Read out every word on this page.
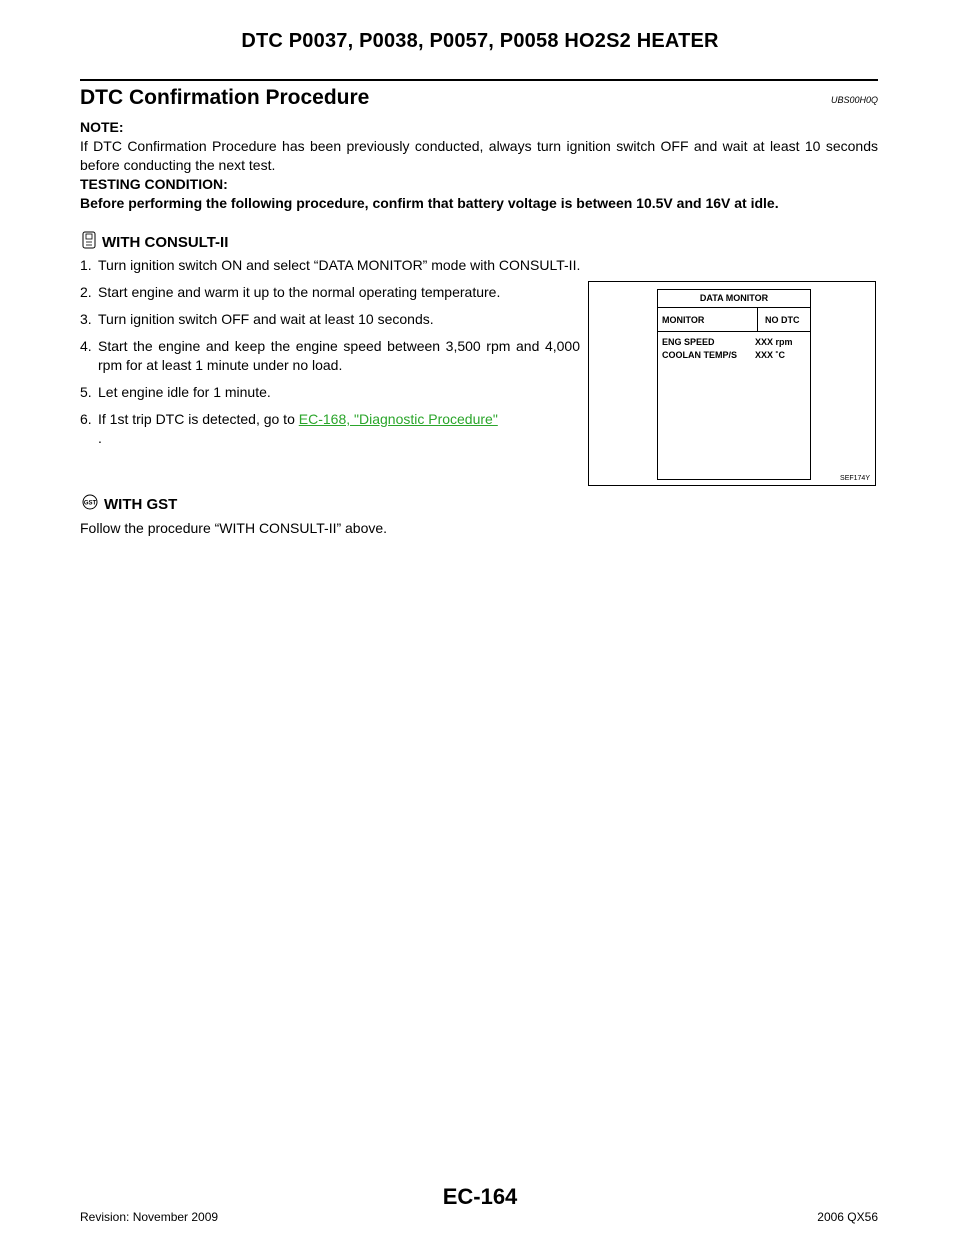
DTC P0037, P0038, P0057, P0058 HO2S2 HEATER
DTC Confirmation Procedure	UBS00H0Q

NOTE:

If DTC Confirmation Procedure has been previously conducted, always turn ignition switch OFF and wait at least 10 seconds before conducting the next test.

TESTING CONDITION:

Before performing the following procedure, confirm that battery voltage is between 10.5V and 16V at idle.

WITH CONSULT-II
1. Turn ignition switch ON and select “DATA MONITOR” mode with CONSULT-II.
2. Start engine and warm it up to the normal operating temperature.
3. Turn ignition switch OFF and wait at least 10 seconds.
4. Start the engine and keep the engine speed between 3,500 rpm and 4,000 rpm for at least 1 minute under no load.
5. Let engine idle for 1 minute.
6. If 1st trip DTC is detected, go to EC-168, "Diagnostic Procedure"
.
DATA MONITOR
MONITOR	NO DTC
ENG SPEED	XXX rpm
COOLAN TEMP/S	XXX ˚C
SEF174Y
GST WITH GST
Follow the procedure “WITH CONSULT-II” above.
EC-164
Revision: November 2009	2006 QX56
